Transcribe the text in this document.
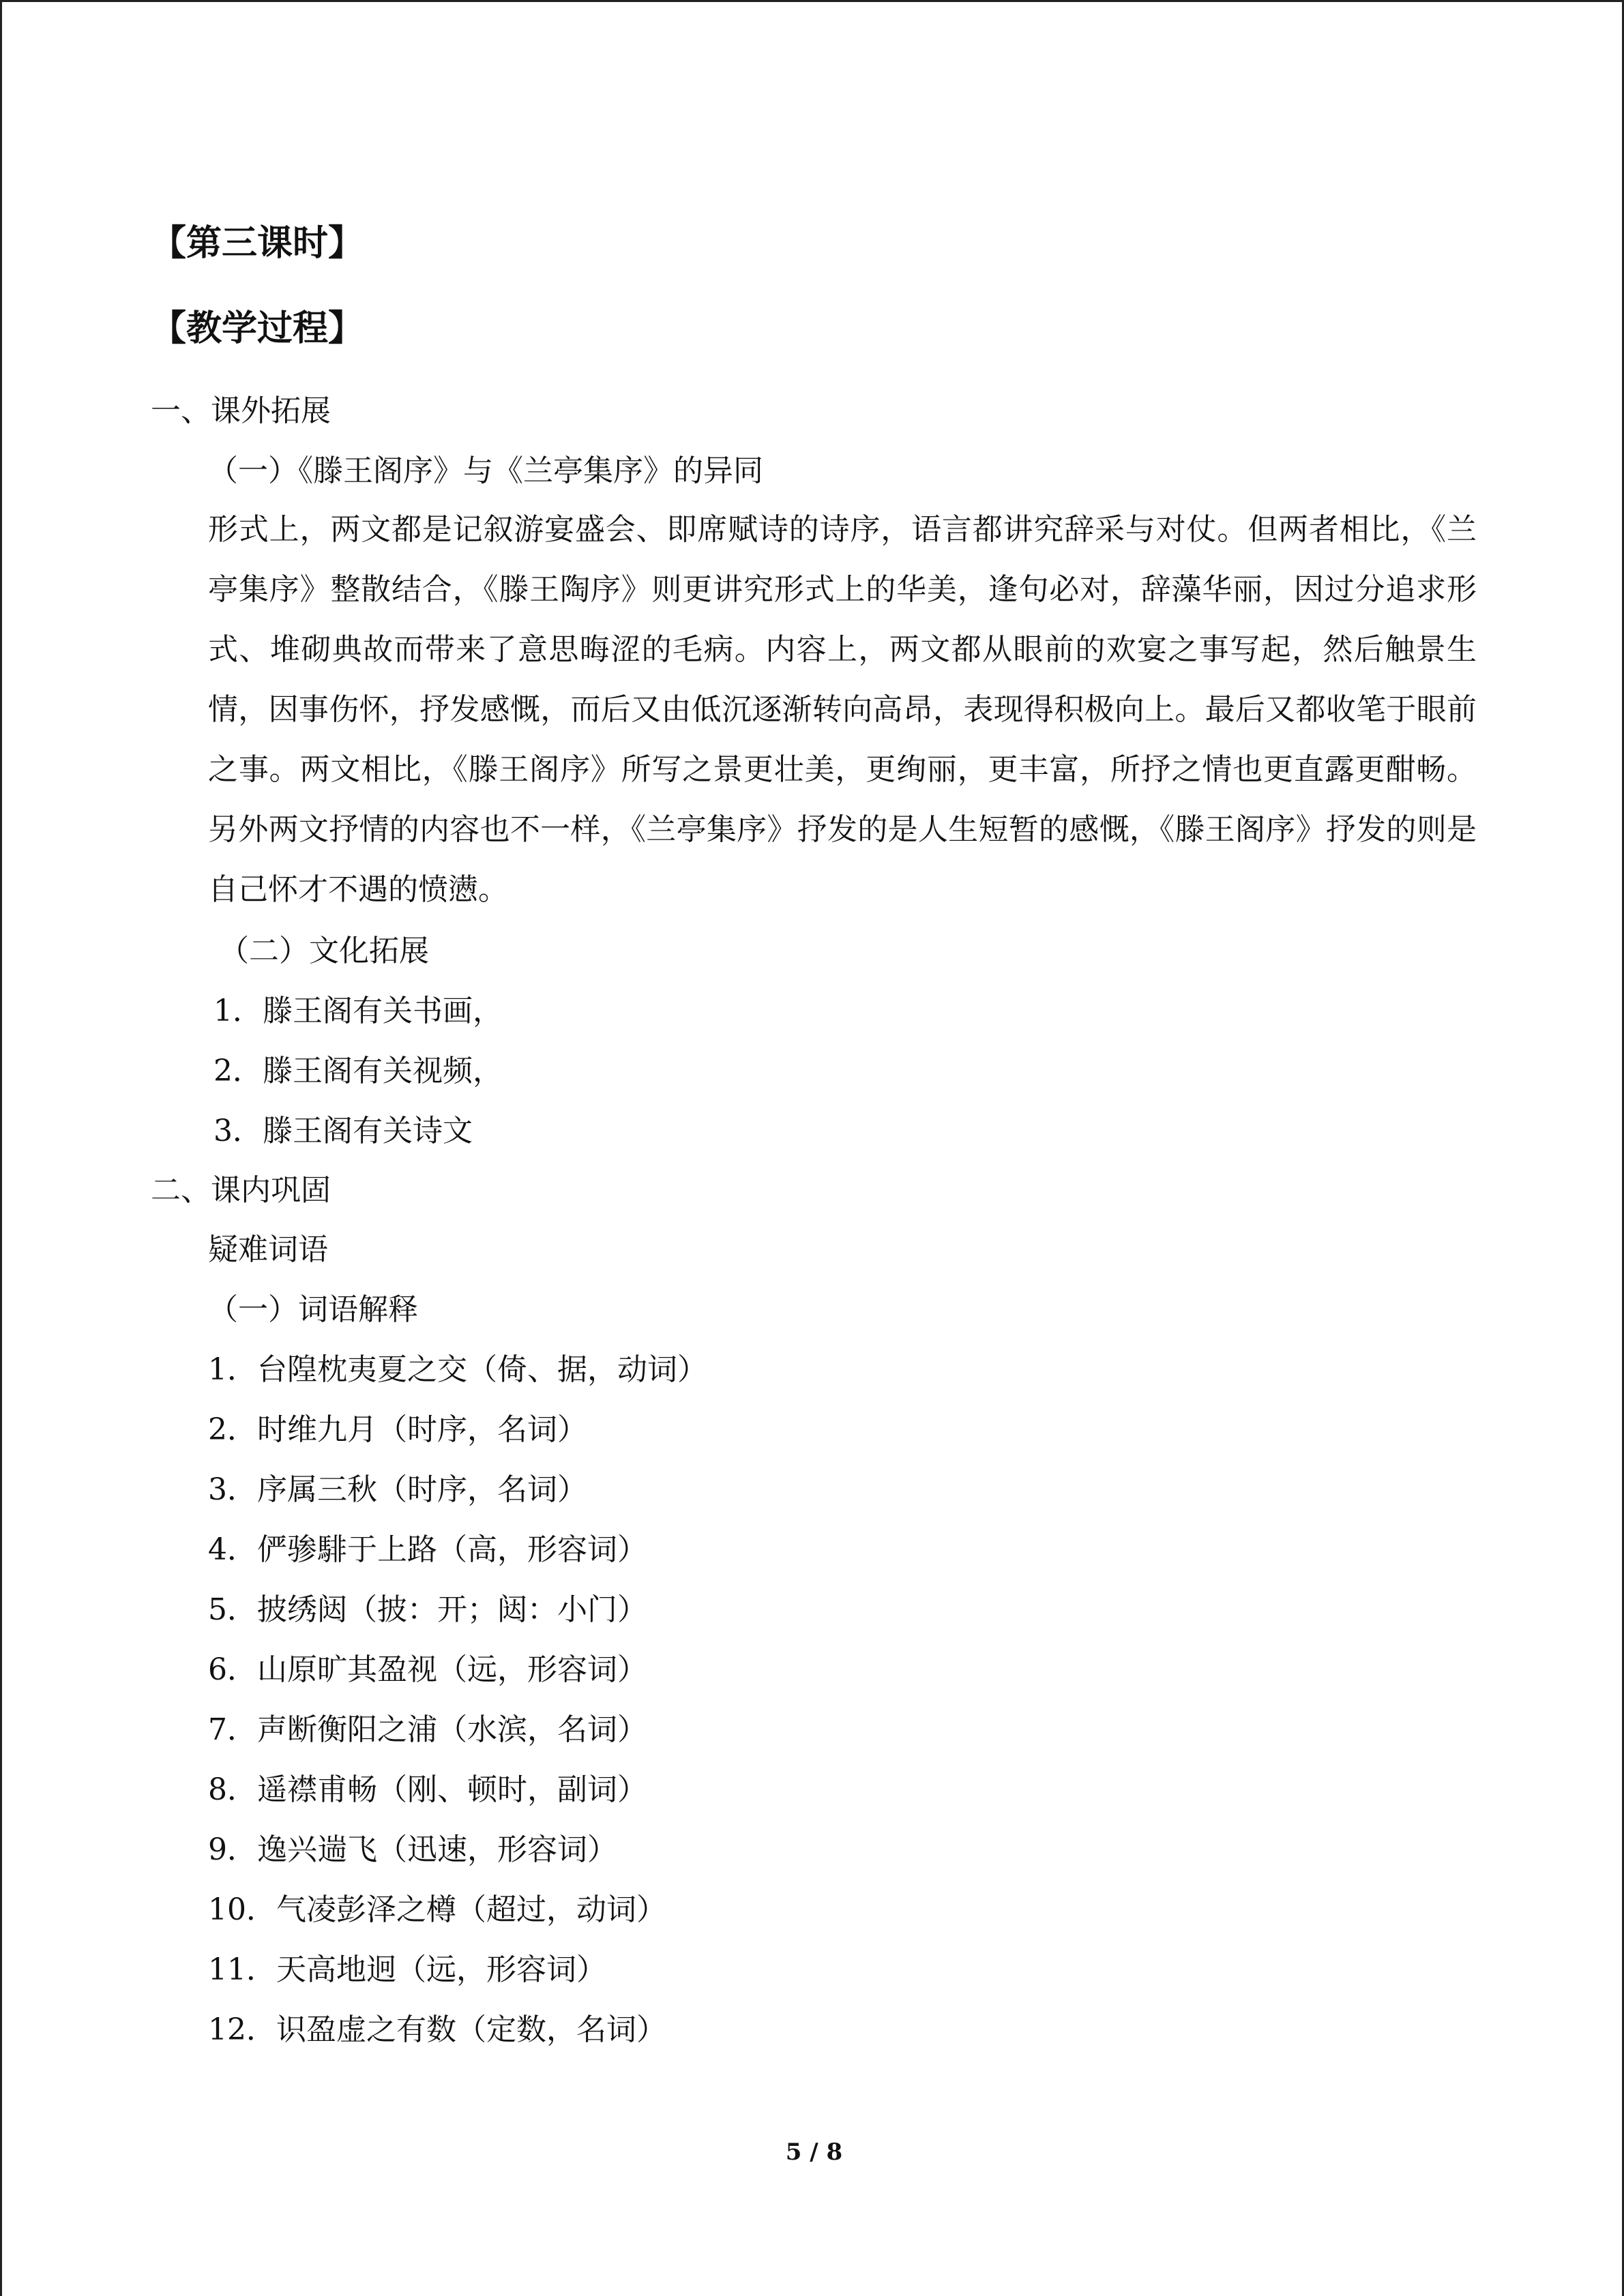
【第三课时】
【教学过程】
一、课外拓展
（一）《滕王阁序》与《兰亭集序》的异同
形式上，两文都是记叙游宴盛会、即席赋诗的诗序，语言都讲究辞采与对仗。但两者相比，《兰亭集序》整散结合，《滕王陶序》则更讲究形式上的华美，逢句必对，辞藻华丽，因过分追求形式、堆砌典故而带来了意思晦涩的毛病。内容上，两文都从眼前的欢宴之事写起，然后触景生情，因事伤怀，抒发感慨，而后又由低沉逐渐转向高昂，表现得积极向上。最后又都收笔于眼前之事。两文相比，《滕王阁序》所写之景更壮美，更绚丽，更丰富，所抒之情也更直露更酣畅。另外两文抒情的内容也不一样，《兰亭集序》抒发的是人生短暂的感慨，《滕王阁序》抒发的则是自己怀才不遇的愤懑。
（二）文化拓展
1．滕王阁有关书画，
2．滕王阁有关视频，
3．滕王阁有关诗文
二、课内巩固
疑难词语
（一）词语解释
1．台隍枕夷夏之交（倚、据，动词）
2．时维九月（时序，名词）
3．序属三秋（时序，名词）
4．俨骖騑于上路（高，形容词）
5．披绣闼（披：开；闼：小门）
6．山原旷其盈视（远，形容词）
7．声断衡阳之浦（水滨，名词）
8．遥襟甫畅（刚、顿时，副词）
9．逸兴遄飞（迅速，形容词）
10．气凌彭泽之樽（超过，动词）
11．天高地迥（远，形容词）
12．识盈虚之有数（定数，名词）
5 / 8
